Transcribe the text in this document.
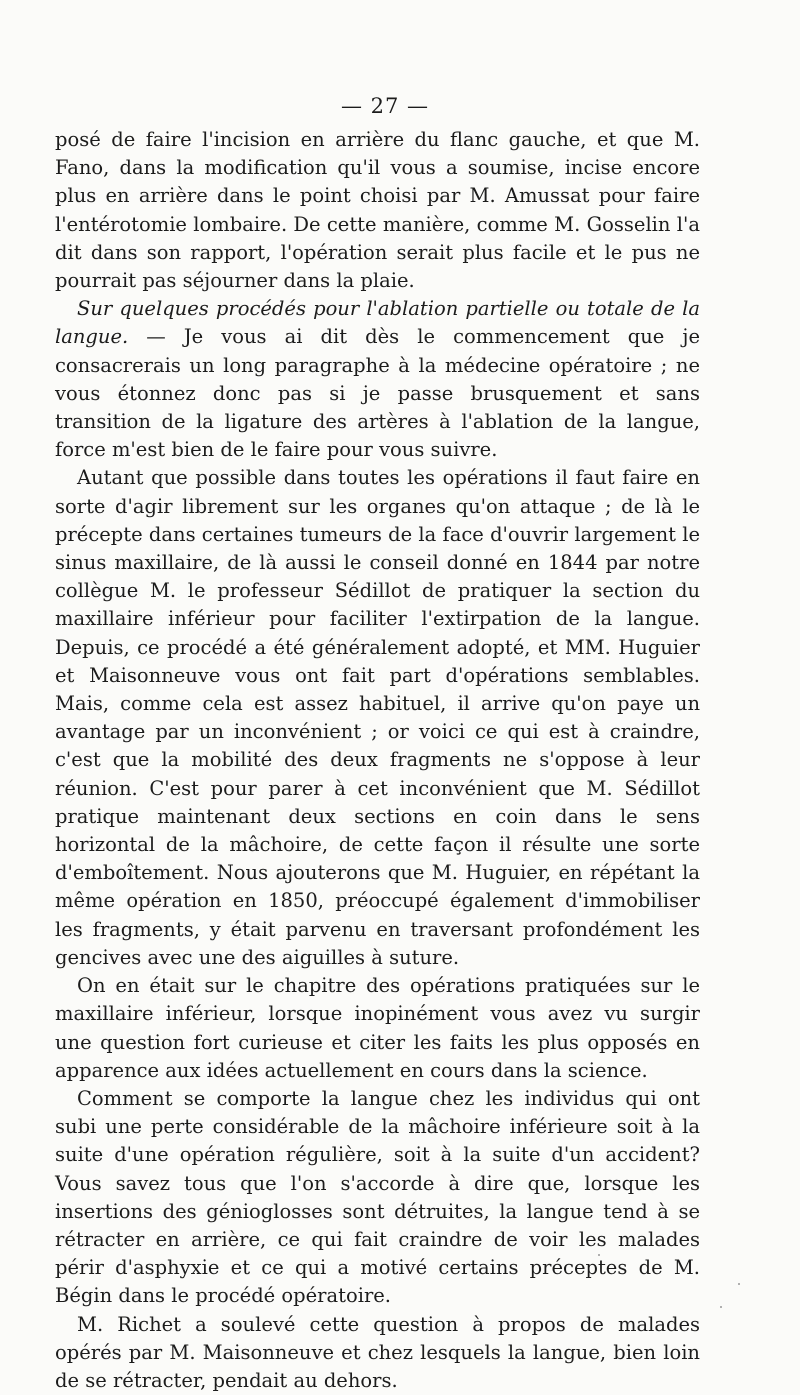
— 27 —

posé de faire l'incision en arrière du flanc gauche, et que M. Fano, dans la modification qu'il vous a soumise, incise encore plus en arrière dans le point choisi par M. Amussat pour faire l'entérotomie lombaire. De cette manière, comme M. Gosselin l'a dit dans son rapport, l'opération serait plus facile et le pus ne pourrait pas séjourner dans la plaie.

Sur quelques procédés pour l'ablation partielle ou totale de la langue. — Je vous ai dit dès le commencement que je consacrerais un long paragraphe à la médecine opératoire ; ne vous étonnez donc pas si je passe brusquement et sans transition de la ligature des artères à l'ablation de la langue, force m'est bien de le faire pour vous suivre.

Autant que possible dans toutes les opérations il faut faire en sorte d'agir librement sur les organes qu'on attaque ; de là le précepte dans certaines tumeurs de la face d'ouvrir largement le sinus maxillaire, de là aussi le conseil donné en 1844 par notre collègue M. le professeur Sédillot de pratiquer la section du maxillaire inférieur pour faciliter l'extirpation de la langue. Depuis, ce procédé a été généralement adopté, et MM. Huguier et Maisonneuve vous ont fait part d'opérations semblables. Mais, comme cela est assez habituel, il arrive qu'on paye un avantage par un inconvénient ; or voici ce qui est à craindre, c'est que la mobilité des deux fragments ne s'oppose à leur réunion. C'est pour parer à cet inconvénient que M. Sédillot pratique maintenant deux sections en coin dans le sens horizontal de la mâchoire, de cette façon il résulte une sorte d'emboîtement. Nous ajouterons que M. Huguier, en répétant la même opération en 1850, préoccupé également d'immobiliser les fragments, y était parvenu en traversant profondément les gencives avec une des aiguilles à suture.

On en était sur le chapitre des opérations pratiquées sur le maxillaire inférieur, lorsque inopinément vous avez vu surgir une question fort curieuse et citer les faits les plus opposés en apparence aux idées actuellement en cours dans la science.

Comment se comporte la langue chez les individus qui ont subi une perte considérable de la mâchoire inférieure soit à la suite d'une opération régulière, soit à la suite d'un accident? Vous savez tous que l'on s'accorde à dire que, lorsque les insertions des génioglosses sont détruites, la langue tend à se rétracter en arrière, ce qui fait craindre de voir les malades périr d'asphyxie et ce qui a motivé certains préceptes de M. Bégin dans le procédé opératoire.

M. Richet a soulevé cette question à propos de malades opérés par M. Maisonneuve et chez lesquels la langue, bien loin de se rétracter, pendait au dehors.
